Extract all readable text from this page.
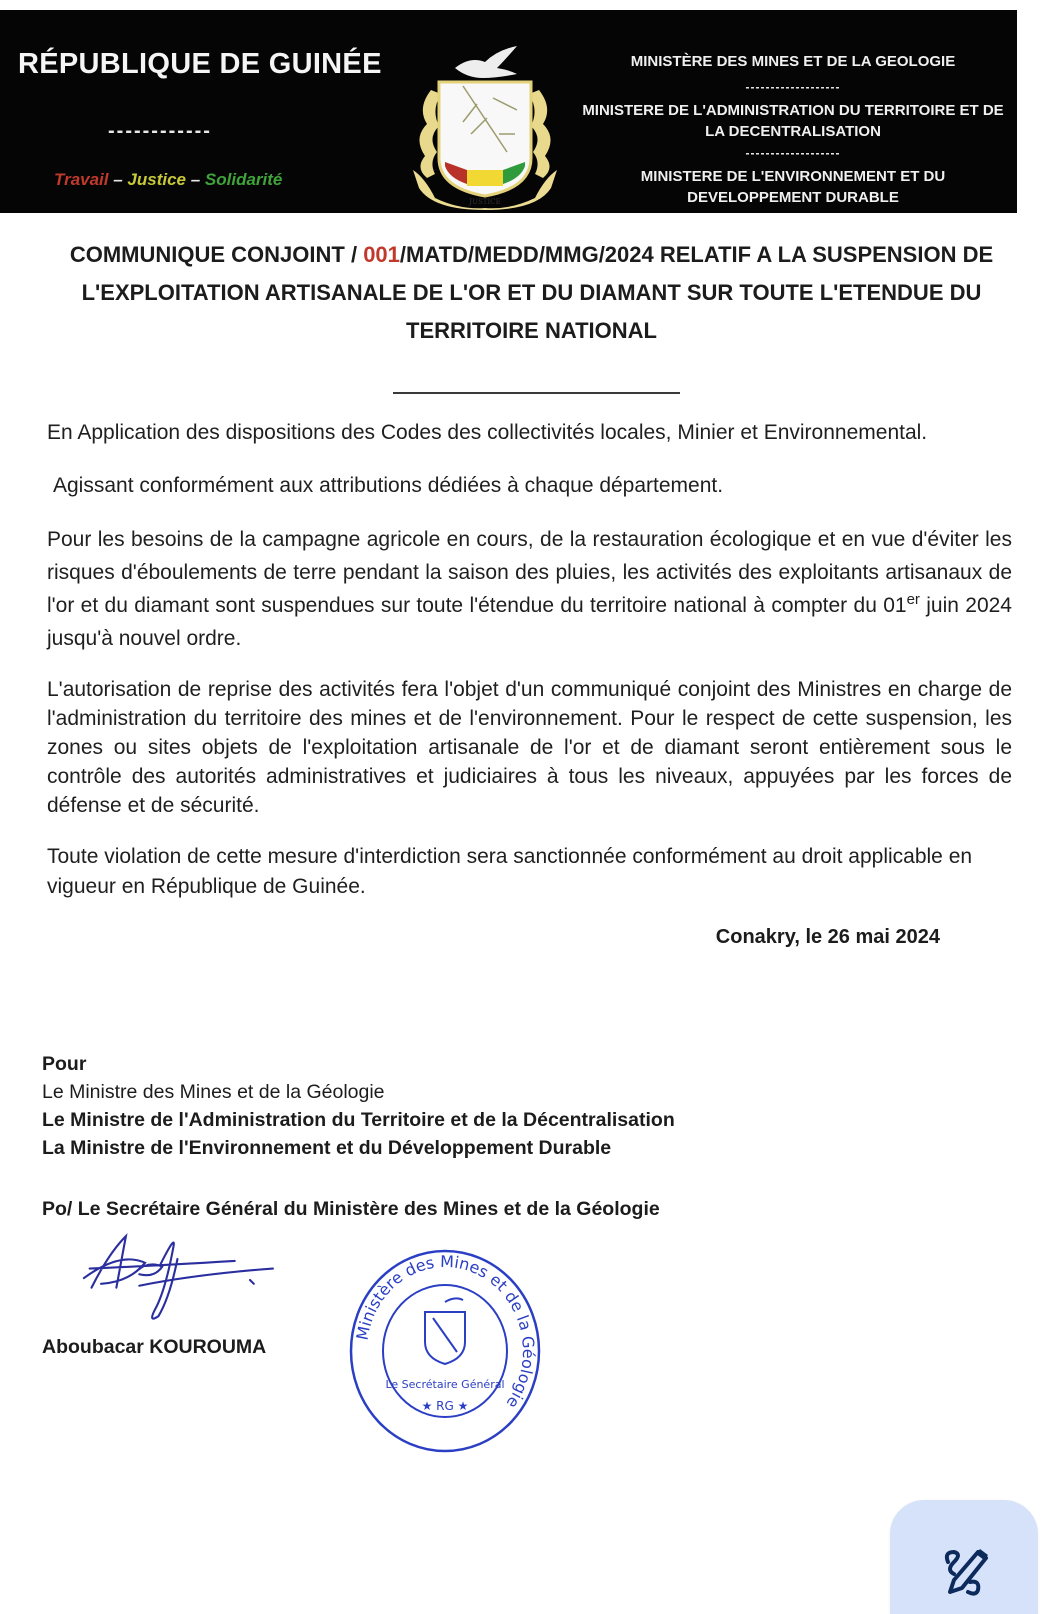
RÉPUBLIQUE DE GUINÉE
------------
Travail – Justice – Solidarité
JUSTICE
MINISTÈRE DES MINES ET DE LA GEOLOGIE
-------------------
MINISTERE DE L'ADMINISTRATION DU TERRITOIRE ET DE LA DECENTRALISATION
-------------------
MINISTERE DE L'ENVIRONNEMENT ET DU DEVELOPPEMENT DURABLE
COMMUNIQUE CONJOINT / 001/MATD/MEDD/MMG/2024 RELATIF A LA SUSPENSION DE L'EXPLOITATION ARTISANALE DE L'OR ET DU DIAMANT SUR TOUTE L'ETENDUE DU TERRITOIRE NATIONAL
En Application des dispositions des Codes des collectivités locales, Minier et Environnemental.
Agissant conformément aux attributions dédiées à chaque département.
Pour les besoins de la campagne agricole en cours, de la restauration écologique et en vue d'éviter les risques d'éboulements de terre pendant la saison des pluies, les activités des exploitants artisanaux de l'or et du diamant sont suspendues sur toute l'étendue du territoire national à compter du 01er juin 2024 jusqu'à nouvel ordre.
L'autorisation de reprise des activités fera l'objet d'un communiqué conjoint des Ministres en charge de l'administration du territoire des mines et de l'environnement. Pour le respect de cette suspension, les zones ou sites objets de l'exploitation artisanale de l'or et de diamant seront entièrement sous le contrôle des autorités administratives et judiciaires à tous les niveaux, appuyées par les forces de défense et de sécurité.
Toute violation de cette mesure d'interdiction sera sanctionnée conformément au droit applicable en vigueur en République de Guinée.
Conakry, le 26 mai 2024
Pour
Le Ministre des Mines et de la Géologie
Le Ministre de l'Administration du Territoire et de la Décentralisation
La Ministre de l'Environnement et du Développement Durable
Po/ Le Secrétaire Général du Ministère des Mines et de la Géologie
Aboubacar KOUROUMA
Ministère des Mines et de la Géologie
Le Secrétaire Général
★ RG ★
